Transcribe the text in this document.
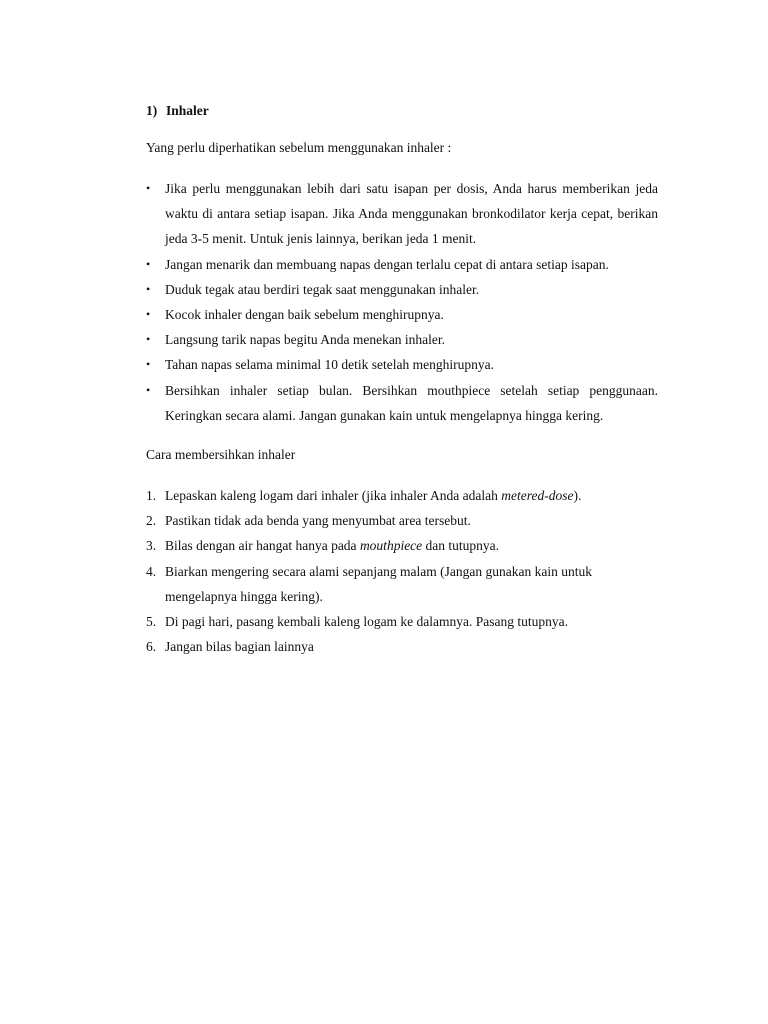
1) Inhaler

Yang perlu diperhatikan sebelum menggunakan inhaler :

•	Jika perlu menggunakan lebih dari satu isapan per dosis, Anda harus memberikan jeda waktu di antara setiap isapan. Jika Anda menggunakan bronkodilator kerja cepat, berikan jeda 3-5 menit. Untuk jenis lainnya, berikan jeda 1 menit.
•	Jangan menarik dan membuang napas dengan terlalu cepat di antara setiap isapan.
•	Duduk tegak atau berdiri tegak saat menggunakan inhaler.
•	Kocok inhaler dengan baik sebelum menghirupnya.
•	Langsung tarik napas begitu Anda menekan inhaler.
•	Tahan napas selama minimal 10 detik setelah menghirupnya.
•	Bersihkan inhaler setiap bulan. Bersihkan mouthpiece setelah setiap penggunaan. Keringkan secara alami. Jangan gunakan kain untuk mengelapnya hingga kering.

Cara membersihkan inhaler

1. Lepaskan kaleng logam dari inhaler (jika inhaler Anda adalah metered-dose).
2. Pastikan tidak ada benda yang menyumbat area tersebut.
3. Bilas dengan air hangat hanya pada mouthpiece dan tutupnya.
4. Biarkan mengering secara alami sepanjang malam (Jangan gunakan kain untuk mengelapnya hingga kering).
5. Di pagi hari, pasang kembali kaleng logam ke dalamnya. Pasang tutupnya.
6. Jangan bilas bagian lainnya
